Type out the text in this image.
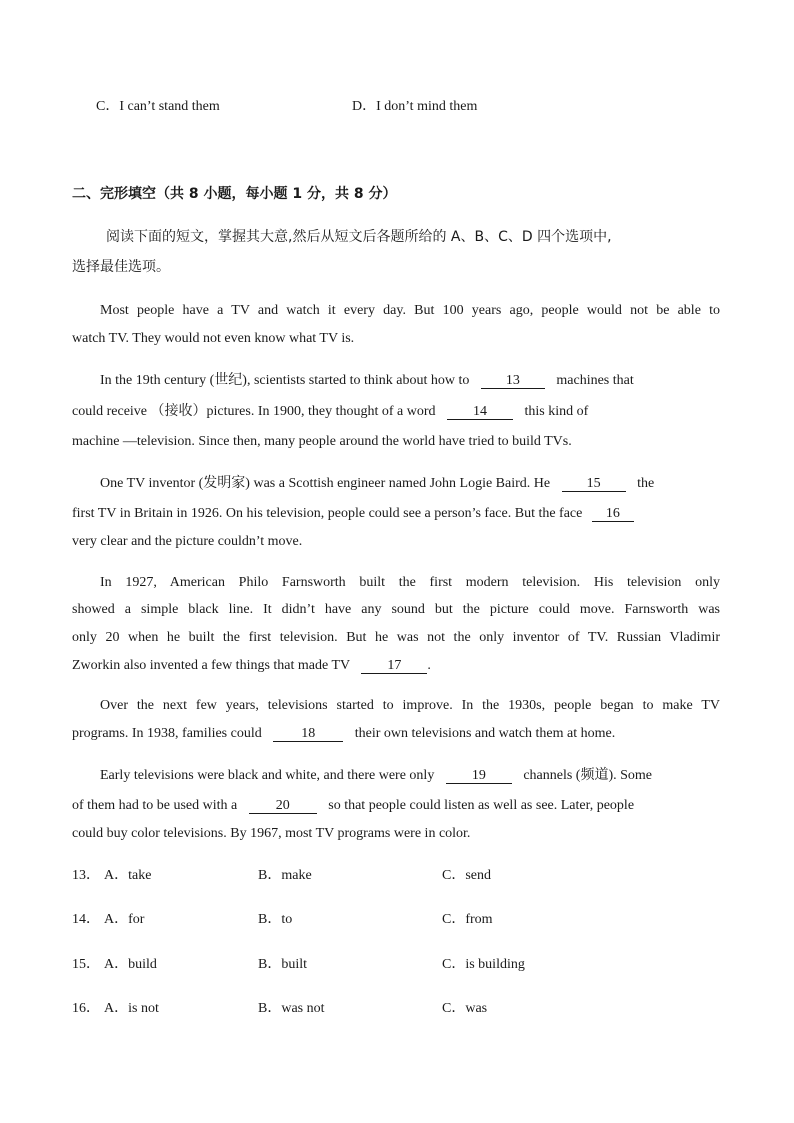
C．I can’t stand them	D．I don’t mind them
二、完形填空（共 8 小题，每小题 1 分，共 8 分）
阅读下面的短文，掌握其大意,然后从短文后各题所给的 A、B、C、D 四个选项中,
选择最佳选项。
Most people have a TV and watch it every day. But 100 years ago, people would not be able to
watch TV. They would not even know what TV is.
In the 19th century (世纪), scientists started to think about how to	13	machines that
could receive （接收）pictures. In 1900, they thought of a word	14	this kind of
machine —television. Since then, many people around the world have tried to build TVs.
One TV inventor (发明家) was a Scottish engineer named John Logie Baird. He	15	the
first TV in Britain in 1926. On his television, people could see a person’s face. But the face 16
very clear and the picture couldn’t move.
In 1927, American Philo Farnsworth built the first modern television. His television only
showed a simple black line. It didn’t have any sound but the picture could move. Farnsworth was
only 20 when he built the first television. But he was not the only inventor of TV. Russian Vladimir
Zworkin also invented a few things that made TV	17 .
Over the next few years, televisions started to improve. In the 1930s, people began to make TV
programs. In 1938, families could	18	their own televisions and watch them at home.
Early televisions were black and white, and there were only	19	channels (频道). Some
of them had to be used with a	20	so that people could listen as well as see. Later, people
could buy color televisions. By 1967, most TV programs were in color.
13． A．take	B．make	C．send
14． A．for	B．to	C．from
15． A．build	B．built	C．is building
16． A．is not	B．was not	C．was
